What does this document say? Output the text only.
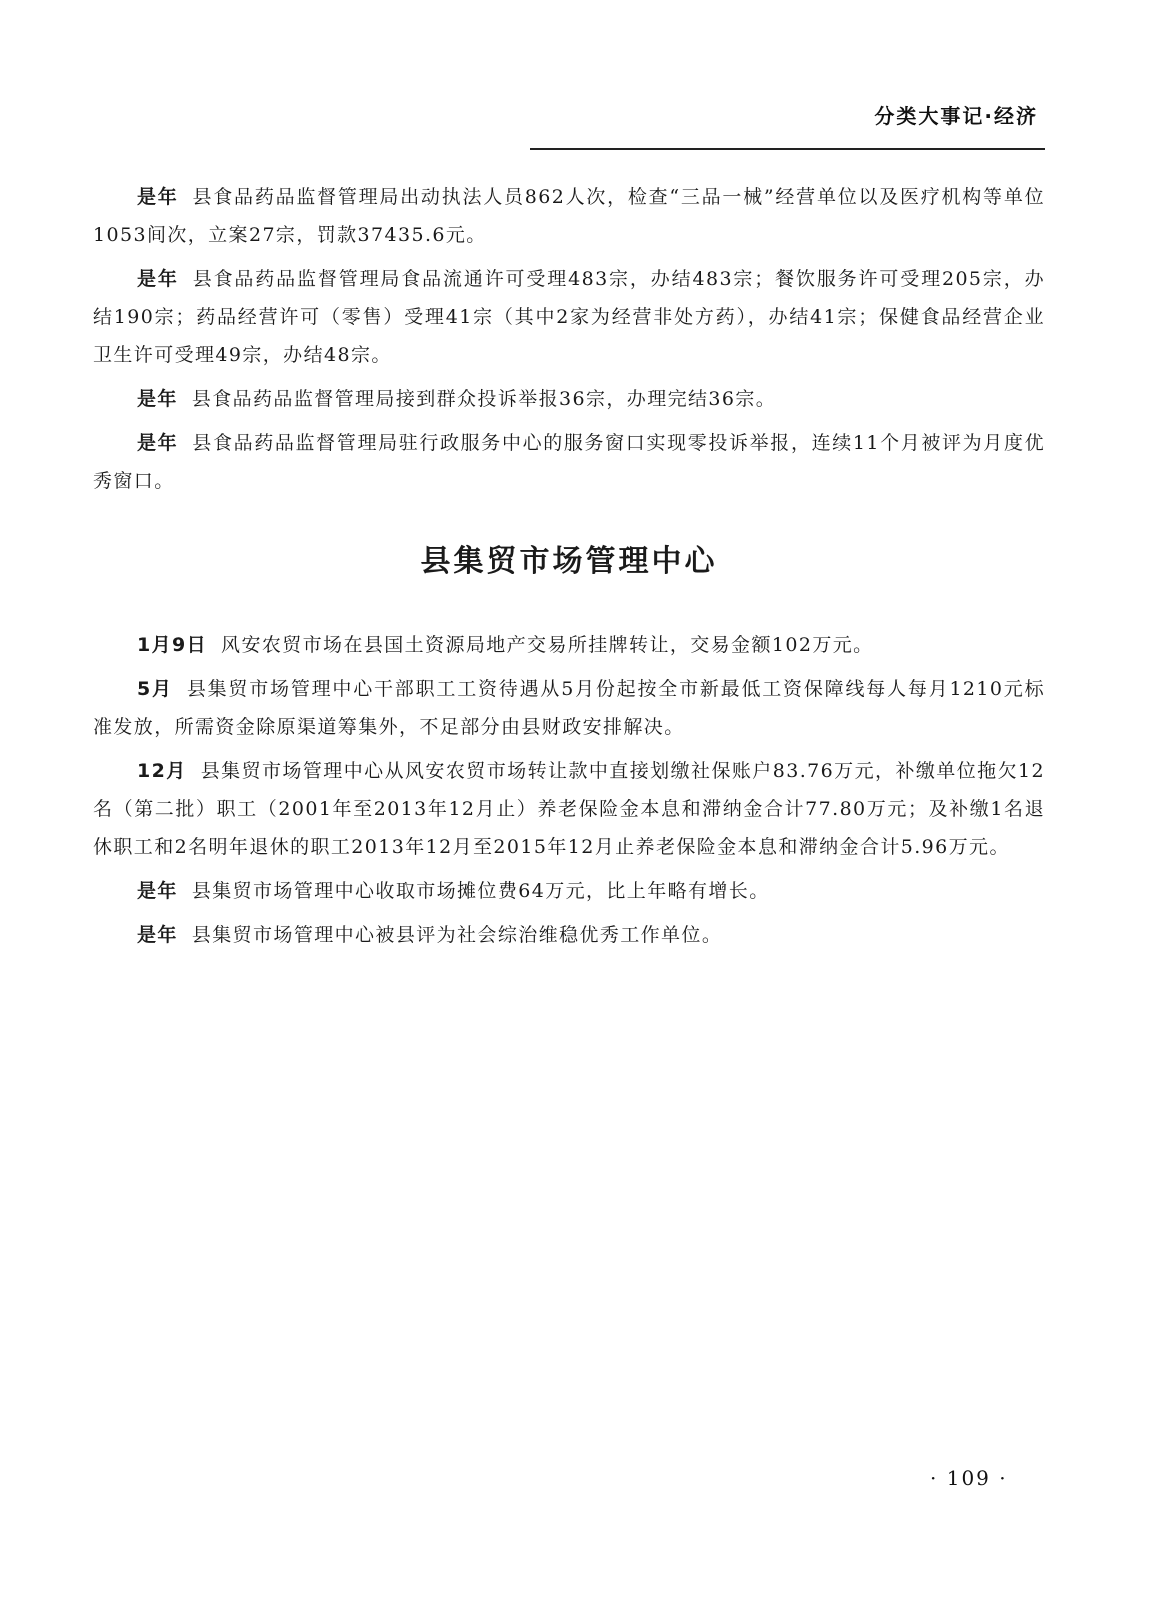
分类大事记·经济

是年 县食品药品监督管理局出动执法人员862人次，检查“三品一械”经营单位以及医疗机构等单位1053间次，立案27宗，罚款37435.6元。

是年 县食品药品监督管理局食品流通许可受理483宗，办结483宗；餐饮服务许可受理205宗，办结190宗；药品经营许可（零售）受理41宗（其中2家为经营非处方药），办结41宗；保健食品经营企业卫生许可受理49宗，办结48宗。

是年 县食品药品监督管理局接到群众投诉举报36宗，办理完结36宗。

是年 县食品药品监督管理局驻行政服务中心的服务窗口实现零投诉举报，连续11个月被评为月度优秀窗口。

县集贸市场管理中心

1月9日 风安农贸市场在县国土资源局地产交易所挂牌转让，交易金额102万元。

5月 县集贸市场管理中心干部职工工资待遇从5月份起按全市新最低工资保障线每人每月1210元标准发放，所需资金除原渠道筹集外，不足部分由县财政安排解决。

12月 县集贸市场管理中心从风安农贸市场转让款中直接划缴社保账户83.76万元，补缴单位拖欠12名（第二批）职工（2001年至2013年12月止）养老保险金本息和滞纳金合计77.80万元；及补缴1名退休职工和2名明年退休的职工2013年12月至2015年12月止养老保险金本息和滞纳金合计5.96万元。

是年 县集贸市场管理中心收取市场摊位费64万元，比上年略有增长。

是年 县集贸市场管理中心被县评为社会综治维稳优秀工作单位。

· 109 ·
